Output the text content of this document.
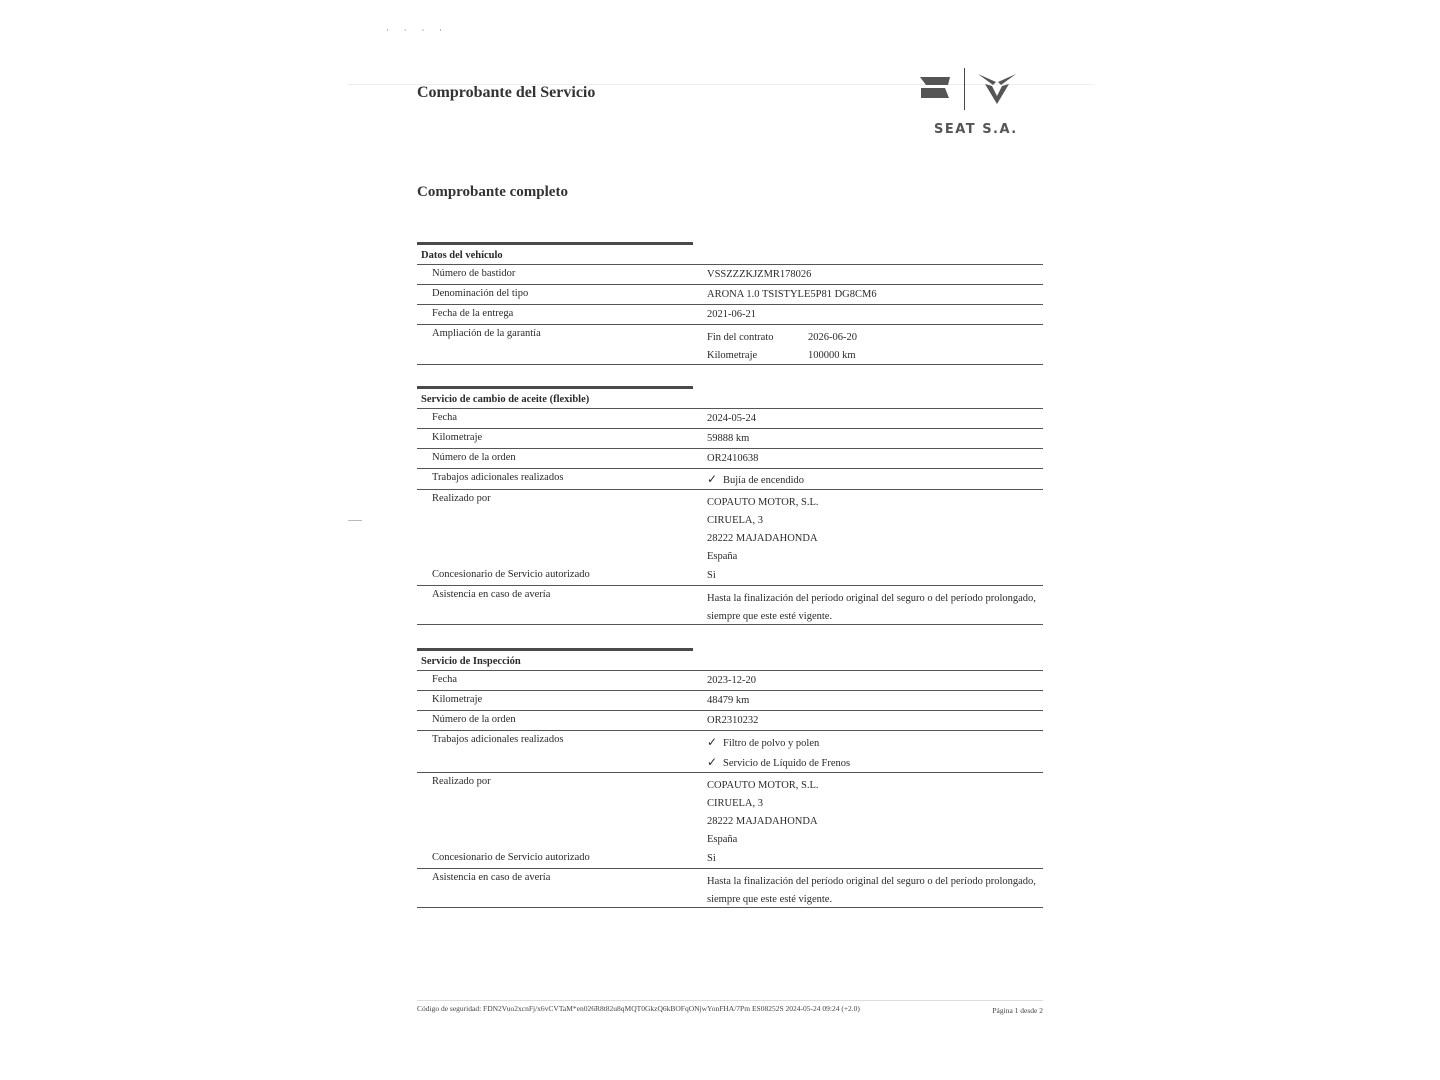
· · · ·
Comprobante del Servicio
SEAT S.A.
Comprobante completo
Datos del vehículo
Número de bastidor	VSSZZZKJZMR178026
Denominación del tipo	ARONA 1.0 TSISTYLE5P81 DG8CM6
Fecha de la entrega	2021-06-21
Ampliación de la garantía	Fin del contrato	2026-06-20
Kilometraje	100000 km
Servicio de cambio de aceite (flexible)
Fecha	2024-05-24
Kilometraje	59888 km
Número de la orden	OR2410638
Trabajos adicionales realizados	✓ Bujía de encendido
Realizado por	COPAUTO MOTOR, S.L.
CIRUELA, 3
28222 MAJADAHONDA
España
Concesionario de Servicio autorizado	Si
Asistencia en caso de avería	Hasta la finalización del período original del seguro o del período prolongado,
siempre que este esté vigente.
Servicio de Inspección
Fecha	2023-12-20
Kilometraje	48479 km
Número de la orden	OR2310232
Trabajos adicionales realizados	✓ Filtro de polvo y polen
✓ Servicio de Líquido de Frenos
Realizado por	COPAUTO MOTOR, S.L.
CIRUELA, 3
28222 MAJADAHONDA
España
Concesionario de Servicio autorizado	Si
Asistencia en caso de avería	Hasta la finalización del período original del seguro o del período prolongado,
siempre que este esté vigente.
Código de seguridad: FDN2Vuo2xcnFj/x6vCVTaM*en026R8t82u8qMQT0GkzQ6kBOFqONjwYonFHA/7Pm ES08252S 2024-05-24 09:24 (+2.0)	Página 1 desde 2
